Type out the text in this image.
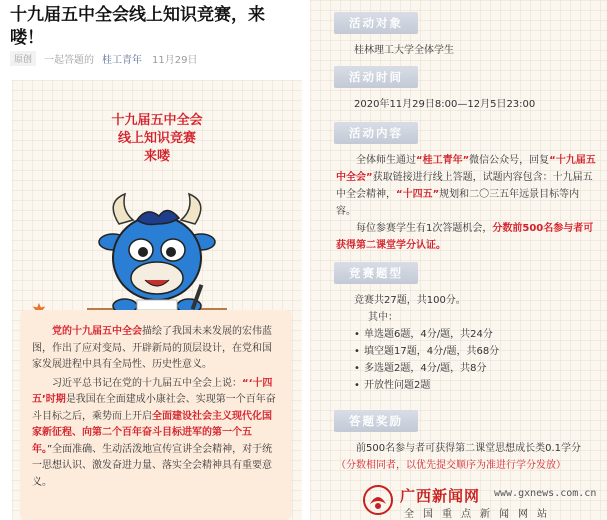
十九届五中全会线上知识竞赛，来喽！
原创	一起答题的 桂工青年 11月29日
十九届五中全会
线上知识竞赛
来喽

党的十九届五中全会描绘了我国未来发展的宏伟蓝图，作出了应对变局、开辟新局的顶层设计，在党和国家发展进程中具有全局性、历史性意义。

习近平总书记在党的十九届五中全会上说：“‘十四五’时期是我国在全面建成小康社会、实现第一个百年奋斗目标之后，乘势而上开启全面建设社会主义现代化国家新征程、向第二个百年奋斗目标进军的第一个五年。”全面准确、生动活泼地宣传宣讲全会精神，对于统一思想认识、激发奋进力量、落实全会精神具有重要意义。

活动对象
桂林理工大学全体学生
活动时间
2020年11月29日8:00—12月5日23:00
活动内容

全体师生通过“桂工青年”微信公众号，回复“十九届五中全会”获取链接进行线上答题，试题内容包含：十九届五中全会精神，“十四五”规划和二〇三五年远景目标等内容。

每位参赛学生有1次答题机会，分数前500名参与者可获得第二课堂学分认证。

竞赛题型
竞赛共27题，共100分。
其中：
• 单选题6题，4分/题，共24分
• 填空题17题，4分/题，共68分
• 多选题2题，4分/题，共8分
• 开放性问题2题
答题奖励

前500名参与者可获得第二课堂思想成长类0.1学分（分数相同者，以优先提交顺序为准进行学分发放）

广西新闻网 www.gxnews.com.cn
全国重点新闻网站
